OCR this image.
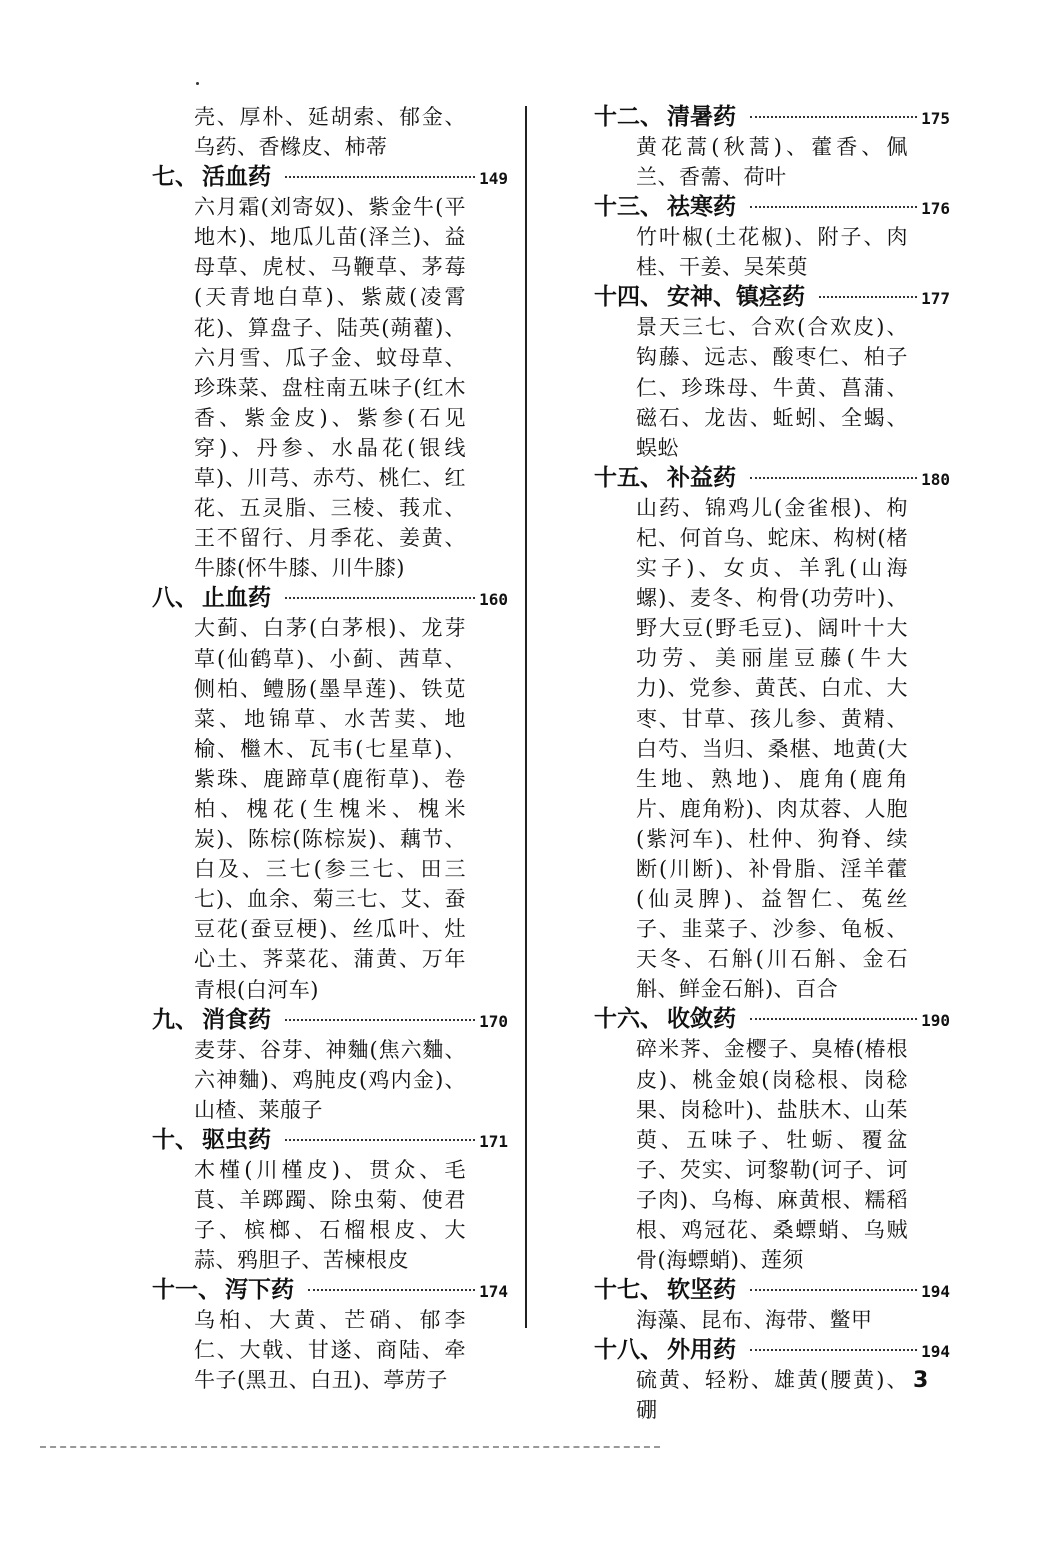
壳、厚朴、延胡索、郁金、乌药、香橼皮、柿蒂
七、 活血药	149
六月霜(刘寄奴)、紫金牛(平地木)、地瓜儿苗(泽兰)、益母草、虎杖、马鞭草、茅莓(天青地白草)、紫葳(凌霄花)、算盘子、陆英(蒴藋)、六月雪、瓜子金、蚊母草、珍珠菜、盘柱南五味子(红木香、紫金皮)、紫参(石见穿)、丹参、水晶花(银线草)、川芎、赤芍、桃仁、红花、五灵脂、三棱、莪朮、王不留行、月季花、姜黄、牛膝(怀牛膝、川牛膝)
八、 止血药	160
大蓟、白茅(白茅根)、龙芽草(仙鹤草)、小蓟、茜草、侧柏、鳢肠(墨旱莲)、铁苋菜、地锦草、水苦荬、地榆、檵木、瓦韦(七星草)、紫珠、鹿蹄草(鹿衔草)、卷柏、槐花(生槐米、槐米炭)、陈棕(陈棕炭)、藕节、白及、三七(参三七、田三七)、血余、菊三七、艾、蚕豆花(蚕豆梗)、丝瓜叶、灶心土、荠菜花、蒲黄、万年青根(白河车)
九、 消食药	170
麦芽、谷芽、神麯(焦六麯、六神麯)、鸡肫皮(鸡内金)、山楂、莱菔子
十、 驱虫药	171
木槿(川槿皮)、贯众、毛茛、羊踯躅、除虫菊、使君子、槟榔、石榴根皮、大蒜、鸦胆子、苦楝根皮
十一、 泻下药	174
乌桕、大黄、芒硝、郁李仁、大戟、甘遂、商陆、牵牛子(黑丑、白丑)、葶苈子
十二、 清暑药	175
黄花蒿(秋蒿)、藿香、佩兰、香薷、荷叶
十三、 祛寒药	176
竹叶椒(土花椒)、附子、肉桂、干姜、吴茱萸
十四、 安神、镇痉药	177
景天三七、合欢(合欢皮)、钩藤、远志、酸枣仁、柏子仁、珍珠母、牛黄、菖蒲、磁石、龙齿、蚯蚓、全蝎、蜈蚣
十五、 补益药	180
山药、锦鸡儿(金雀根)、枸杞、何首乌、蛇床、构树(楮实子)、女贞、羊乳(山海螺)、麦冬、枸骨(功劳叶)、野大豆(野毛豆)、阔叶十大功劳、美丽崖豆藤(牛大力)、党参、黄芪、白朮、大枣、甘草、孩儿参、黄精、白芍、当归、桑椹、地黄(大生地、熟地)、鹿角(鹿角片、鹿角粉)、肉苁蓉、人胞(紫河车)、杜仲、狗脊、续断(川断)、补骨脂、淫羊藿(仙灵脾)、益智仁、菟丝子、韭菜子、沙参、龟板、天冬、石斛(川石斛、金石斛、鲜金石斛)、百合
十六、 收敛药	190
碎米荠、金樱子、臭椿(椿根皮)、桃金娘(岗稔根、岗稔果、岗稔叶)、盐肤木、山茱萸、五味子、牡蛎、覆盆子、芡实、诃黎勒(诃子、诃子肉)、乌梅、麻黄根、糯稻根、鸡冠花、桑螵蛸、乌贼骨(海螵蛸)、莲须
十七、 软坚药	194
海藻、昆布、海带、鳖甲
十八、 外用药	194
硫黄、轻粉、雄黄(腰黄)、硼
3
